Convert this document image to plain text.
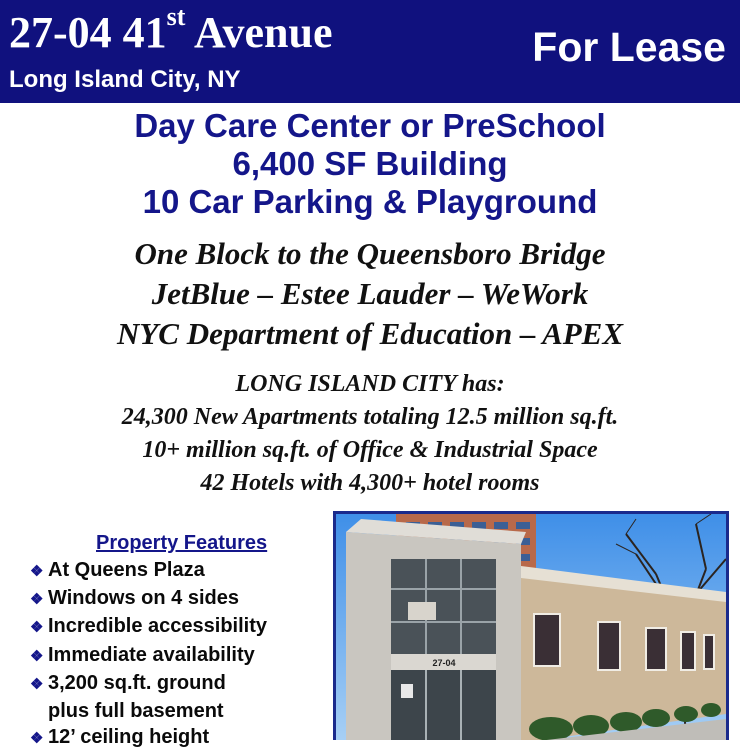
27-04 41st Avenue
Long Island City, NY
For Lease
Day Care Center or PreSchool
6,400 SF Building
10 Car Parking & Playground
One Block to the Queensboro Bridge
JetBlue – Estee Lauder – WeWork
NYC Department of Education – APEX
LONG ISLAND CITY has:
24,300 New Apartments totaling 12.5 million sq.ft.
10+ million sq.ft. of Office & Industrial Space
42 Hotels with 4,300+ hotel rooms
Property Features
❖ At Queens Plaza
❖ Windows on 4 sides
❖ Incredible accessibility
❖ Immediate availability
❖ 3,200 sq.ft. ground
plus full basement
❖ 12’ ceiling height
27-04
